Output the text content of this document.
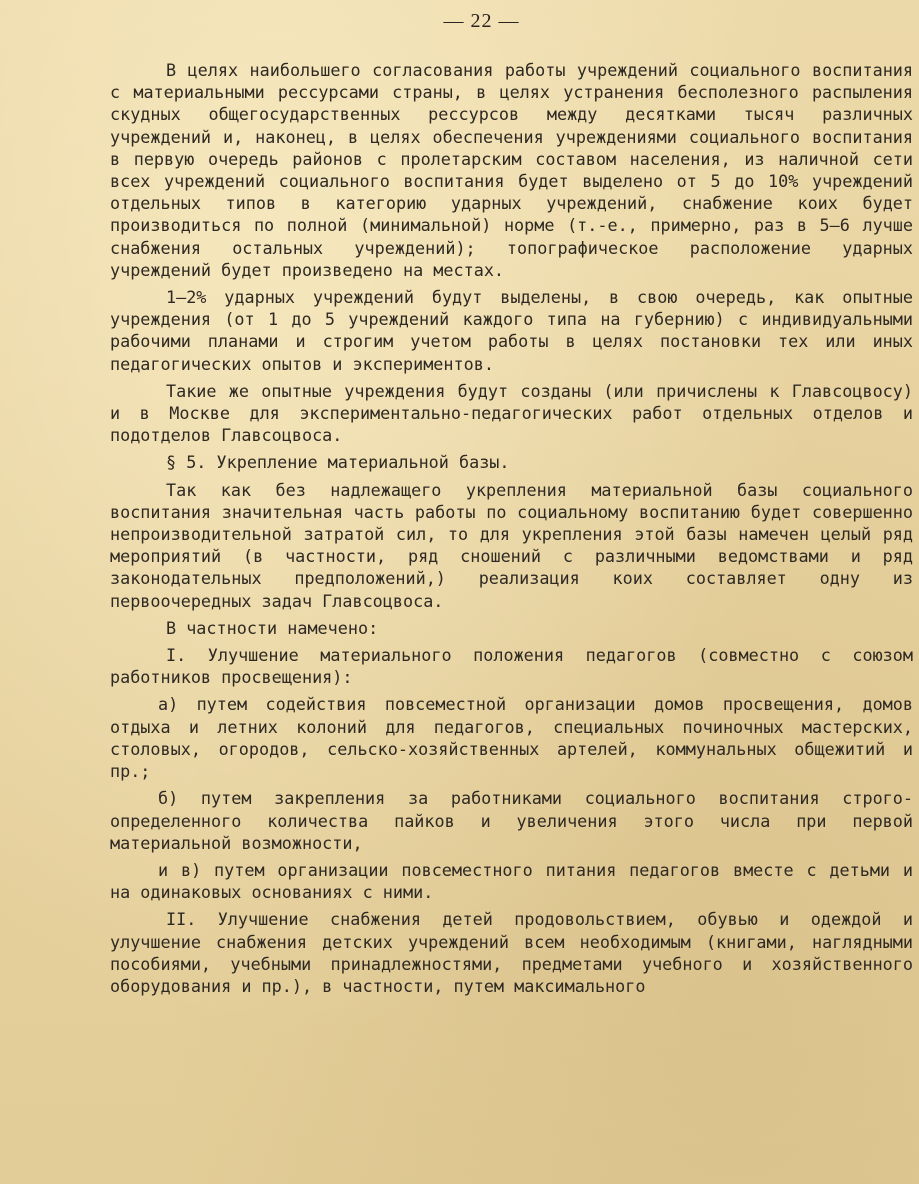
— 22 —

В целях наибольшего согласования работы учреждений социального воспитания с материальными рессурсами страны, в целях устранения бесполезного распыления скудных общегосударственных рессурсов между десятками тысяч различных учреждений и, наконец, в целях обеспечения учреждениями социального воспитания в первую очередь районов с пролетарским составом населения, из наличной сети всех учреждений социального воспитания будет выделено от 5 до 10% учреждений отдельных типов в категорию ударных учреждений, снабжение коих будет производиться по полной (минимальной) норме (т.-е., примерно, раз в 5—6 лучше снабжения остальных учреждений); топографическое расположение ударных учреждений будет произведено на местах.

1—2% ударных учреждений будут выделены, в свою очередь, как опытные учреждения (от 1 до 5 учреждений каждого типа на губернию) с индивидуальными рабочими планами и строгим учетом работы в целях постановки тех или иных педагогических опытов и экспериментов.

Такие же опытные учреждения будут созданы (или причислены к Главсоцвосу) и в Москве для экспериментально-педагогических работ отдельных отделов и подотделов Главсоцвоса.

§ 5. Укрепление материальной базы.

Так как без надлежащего укрепления материальной базы социального воспитания значительная часть работы по социальному воспитанию будет совершенно непроизводительной затратой сил, то для укрепления этой базы намечен целый ряд мероприятий (в частности, ряд сношений с различными ведомствами и ряд законодательных предположений,) реализация коих составляет одну из первоочередных задач Главсоцвоса.

В частности намечено:

I. Улучшение материального положения педагогов (совместно с союзом работников просвещения):

а) путем содействия повсеместной организации домов просвещения, домов отдыха и летних колоний для педагогов, специальных починочных мастерских, столовых, огородов, сельско-хозяйственных артелей, коммунальных общежитий и пр.;

б) путем закрепления за работниками социального воспитания строго-определенного количества пайков и увеличения этого числа при первой материальной возможности,

и в) путем организации повсеместного питания педагогов вместе с детьми и на одинаковых основаниях с ними.

II. Улучшение снабжения детей продовольствием, обувью и одеждой и улучшение снабжения детских учреждений всем необходимым (книгами, наглядными пособиями, учебными принадлежностями, предметами учебного и хозяйственного оборудования и пр.), в частности, путем максимального
